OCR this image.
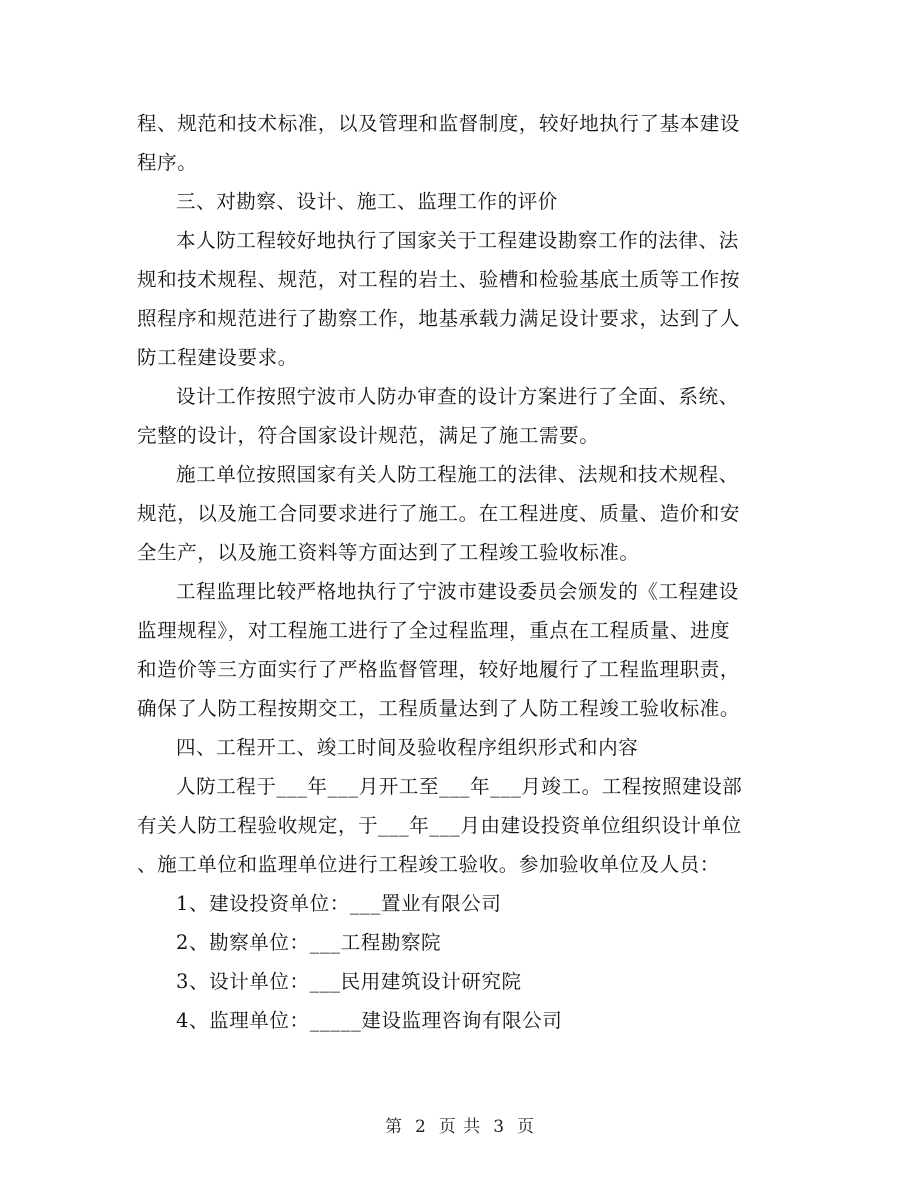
程、规范和技术标准，以及管理和监督制度，较好地执行了基本建设
程序。
三、对勘察、设计、施工、监理工作的评价
本人防工程较好地执行了国家关于工程建设勘察工作的法律、法
规和技术规程、规范，对工程的岩土、验槽和检验基底土质等工作按
照程序和规范进行了勘察工作，地基承载力满足设计要求，达到了人
防工程建设要求。
设计工作按照宁波市人防办审查的设计方案进行了全面、系统、
完整的设计，符合国家设计规范，满足了施工需要。
施工单位按照国家有关人防工程施工的法律、法规和技术规程、
规范，以及施工合同要求进行了施工。在工程进度、质量、造价和安
全生产，以及施工资料等方面达到了工程竣工验收标准。
工程监理比较严格地执行了宁波市建设委员会颁发的《工程建设
监理规程》，对工程施工进行了全过程监理，重点在工程质量、进度
和造价等三方面实行了严格监督管理，较好地履行了工程监理职责，
确保了人防工程按期交工，工程质量达到了人防工程竣工验收标准。
四、工程开工、竣工时间及验收程序组织形式和内容
人防工程于___年___月开工至___年___月竣工。工程按照建设部
有关人防工程验收规定，于___年___月由建设投资单位组织设计单位
、施工单位和监理单位进行工程竣工验收。参加验收单位及人员：
1、建设投资单位：___置业有限公司
2、勘察单位：___工程勘察院
3、设计单位：___民用建筑设计研究院
4、监理单位：_____建设监理咨询有限公司
第 2 页 共 3 页
